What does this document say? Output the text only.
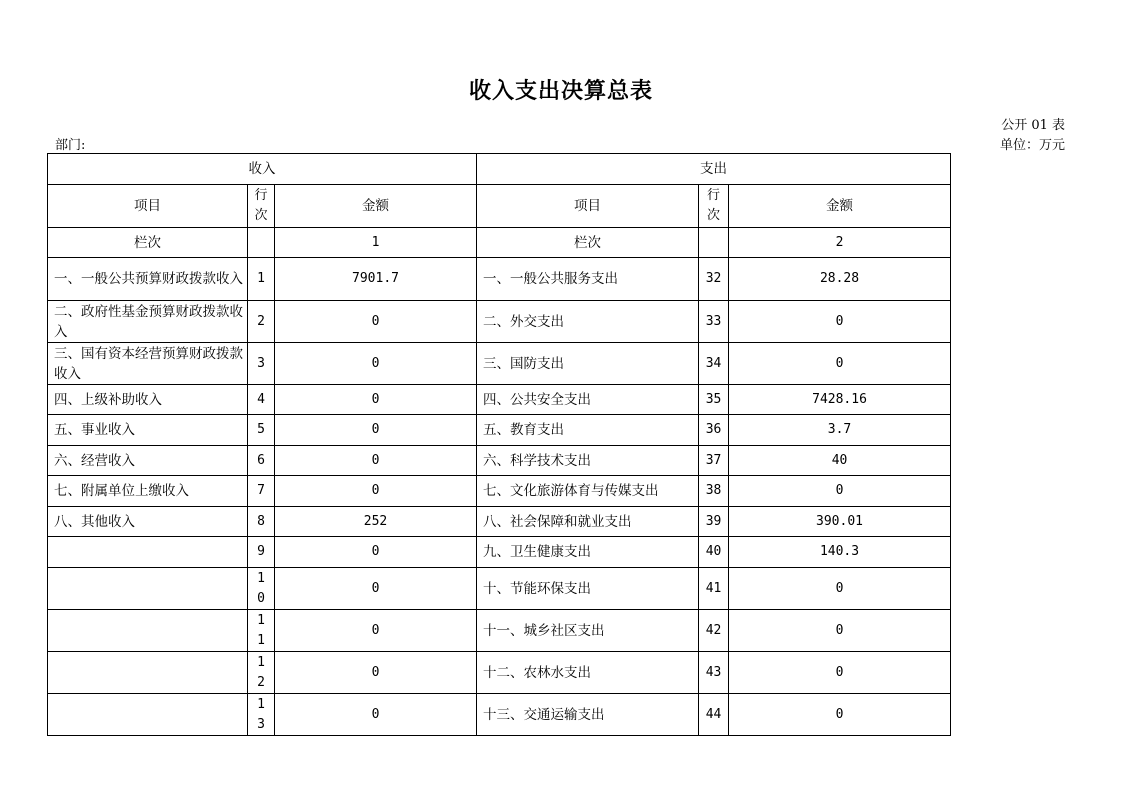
收入支出决算总表
公开 01 表
单位：万元
部门:
收入			支出		
项目	行次	金额	项目	行次	金额
栏次		1	栏次		2
一、一般公共预算财政拨款收入	1	7901.7	一、一般公共服务支出	32	28.28
二、政府性基金预算财政拨款收入	2	0	二、外交支出	33	0
三、国有资本经营预算财政拨款收入	3	0	三、国防支出	34	0
四、上级补助收入	4	0	四、公共安全支出	35	7428.16
五、事业收入	5	0	五、教育支出	36	3.7
六、经营收入	6	0	六、科学技术支出	37	40
七、附属单位上缴收入	7	0	七、文化旅游体育与传媒支出	38	0
八、其他收入	8	252	八、社会保障和就业支出	39	390.01

	9	0	九、卫生健康支出	40	140.3

	10	0	十、节能环保支出	41	0

	11	0	十一、城乡社区支出	42	0

	12	0	十二、农林水支出	43	0

	13	0	十三、交通运输支出	44	0
